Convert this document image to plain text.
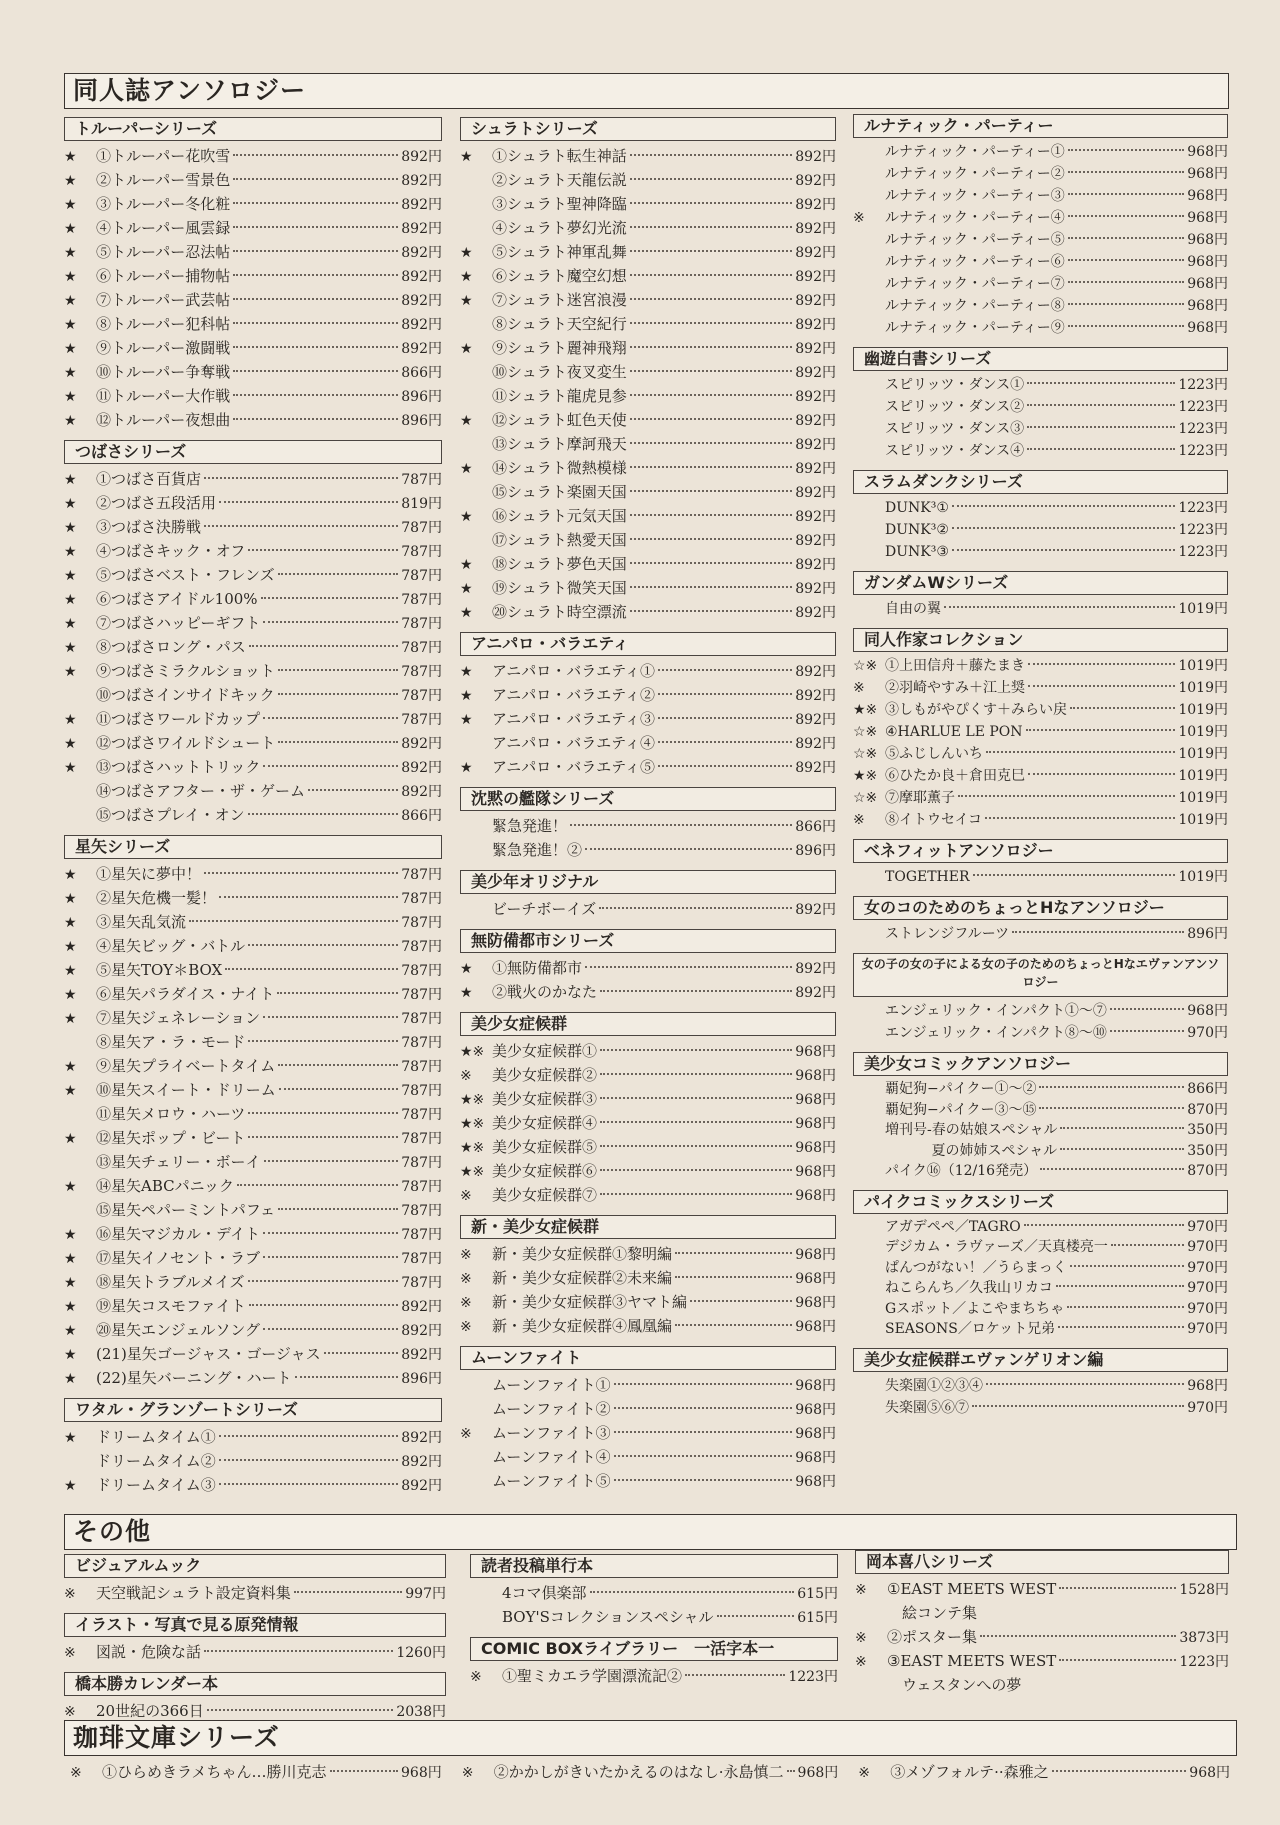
同人誌アンソロジー
トルーパーシリーズ
★	①トルーパー花吹雪	892円
★	②トルーパー雪景色	892円
★	③トルーパー冬化粧	892円
★	④トルーパー風雲録	892円
★	⑤トルーパー忍法帖	892円
★	⑥トルーパー捕物帖	892円
★	⑦トルーパー武芸帖	892円
★	⑧トルーパー犯科帖	892円
★	⑨トルーパー激闘戦	892円
★	⑩トルーパー争奪戦	866円
★	⑪トルーパー大作戦	896円
★	⑫トルーパー夜想曲	896円
つばさシリーズ
★	①つばさ百貨店	787円
★	②つばさ五段活用	819円
★	③つばさ決勝戦	787円
★	④つばさキック・オフ	787円
★	⑤つばさベスト・フレンズ	787円
★	⑥つばさアイドル100%	787円
★	⑦つばさハッピーギフト	787円
★	⑧つばさロング・パス	787円
★	⑨つばさミラクルショット	787円
⑩つばさインサイドキック	787円
★	⑪つばさワールドカップ	787円
★	⑫つばさワイルドシュート	892円
★	⑬つばさハットトリック	892円
⑭つばさアフター・ザ・ゲーム	892円
⑮つばさプレイ・オン	866円
星矢シリーズ
★	①星矢に夢中！	787円
★	②星矢危機一髪！	787円
★	③星矢乱気流	787円
★	④星矢ビッグ・バトル	787円
★	⑤星矢TOY＊BOX	787円
★	⑥星矢パラダイス・ナイト	787円
★	⑦星矢ジェネレーション	787円
⑧星矢ア・ラ・モード	787円
★	⑨星矢プライベートタイム	787円
★	⑩星矢スイート・ドリーム	787円
⑪星矢メロウ・ハーツ	787円
★	⑫星矢ポップ・ビート	787円
⑬星矢チェリー・ボーイ	787円
★	⑭星矢ABCパニック	787円
⑮星矢ペパーミントパフェ	787円
★	⑯星矢マジカル・デイト	787円
★	⑰星矢イノセント・ラブ	787円
★	⑱星矢トラブルメイズ	787円
★	⑲星矢コスモファイト	892円
★	⑳星矢エンジェルソング	892円
★	(21)星矢ゴージャス・ゴージャス	892円
★	(22)星矢バーニング・ハート	896円
ワタル・グランゾートシリーズ
★	ドリームタイム①	892円
ドリームタイム②	892円
★	ドリームタイム③	892円
シュラトシリーズ
★	①シュラト転生神話	892円
②シュラト天龍伝説	892円
③シュラト聖神降臨	892円
④シュラト夢幻光流	892円
★	⑤シュラト神軍乱舞	892円
★	⑥シュラト魔空幻想	892円
★	⑦シュラト迷宮浪漫	892円
⑧シュラト天空紀行	892円
★	⑨シュラト麗神飛翔	892円
⑩シュラト夜叉変生	892円
⑪シュラト龍虎見参	892円
★	⑫シュラト虹色天使	892円
⑬シュラト摩訶飛天	892円
★	⑭シュラト微熱模様	892円
⑮シュラト楽園天国	892円
★	⑯シュラト元気天国	892円
⑰シュラト熱愛天国	892円
★	⑱シュラト夢色天国	892円
★	⑲シュラト微笑天国	892円
★	⑳シュラト時空漂流	892円
アニパロ・バラエティ
★	アニパロ・バラエティ①	892円
★	アニパロ・バラエティ②	892円
★	アニパロ・バラエティ③	892円
アニパロ・バラエティ④	892円
★	アニパロ・バラエティ⑤	892円
沈黙の艦隊シリーズ
緊急発進！	866円
緊急発進！②	896円
美少年オリジナル
ビーチボーイズ	892円
無防備都市シリーズ
★	①無防備都市	892円
★	②戦火のかなた	892円
美少女症候群
★※ 美少女症候群①	968円
※	美少女症候群②	968円
★※ 美少女症候群③	968円
★※ 美少女症候群④	968円
★※ 美少女症候群⑤	968円
★※ 美少女症候群⑥	968円
※	美少女症候群⑦	968円
新・美少女症候群
※	新・美少女症候群①黎明編	968円
※	新・美少女症候群②未来編	968円
※	新・美少女症候群③ヤマト編	968円
※	新・美少女症候群④鳳凰編	968円
ムーンファイト
ムーンファイト①	968円
ムーンファイト②	968円
※	ムーンファイト③	968円
ムーンファイト④	968円
ムーンファイト⑤	968円
ルナティック・パーティー
ルナティック・パーティー①	968円
ルナティック・パーティー②	968円
ルナティック・パーティー③	968円
※	ルナティック・パーティー④	968円
ルナティック・パーティー⑤	968円
ルナティック・パーティー⑥	968円
ルナティック・パーティー⑦	968円
ルナティック・パーティー⑧	968円
ルナティック・パーティー⑨	968円
幽遊白書シリーズ
スピリッツ・ダンス①	1223円
スピリッツ・ダンス②	1223円
スピリッツ・ダンス③	1223円
スピリッツ・ダンス④	1223円
スラムダンクシリーズ
DUNK³①	1223円
DUNK³②	1223円
DUNK³③	1223円
ガンダムWシリーズ
自由の翼	1019円
同人作家コレクション
☆※ ①上田信舟＋藤たまき	1019円
※	②羽崎やすみ＋江上奨	1019円
★※ ③しもがやぴくす＋みらい戻	1019円
☆※ ④HARLUE LE PON	1019円
☆※ ⑤ふじしんいち	1019円
★※ ⑥ひたか良＋倉田克巳	1019円
☆※ ⑦摩耶薫子	1019円
※	⑧イトウセイコ	1019円
ベネフィットアンソロジー
TOGETHER	1019円
女のコのためのちょっとHなアンソロジー
ストレンジフルーツ	896円
女の子の女の子による女の子のためのちょっとHなエヴァンアンソロジー
エンジェリック・インパクト①〜⑦	968円
エンジェリック・インパクト⑧〜⑩	970円
美少女コミックアンソロジー
覇妃狗−パイクー①〜②	866円
覇妃狗−パイクー③〜⑮	870円
増刊号-春の姑娘スペシャル	350円
　　　 夏の姉姉スペシャル	350円
パイク⑯（12/16発売）	870円
パイクコミックスシリーズ
アガデペペ／TAGRO	970円
デジカム・ラヴァーズ／天真楼亮一	970円
ぱんつがない！／うらまっく	970円
ねこらんち／久我山リカコ	970円
Gスポット／よこやまちちゃ	970円
SEASONS／ロケット兄弟	970円
美少女症候群エヴァンゲリオン編
失楽園①②③④	968円
失楽園⑤⑥⑦	970円
その他
ビジュアルムック
※	天空戦記シュラト設定資料集	997円
イラスト・写真で見る原発情報
※	図説・危険な話	1260円
橋本勝カレンダー本
※	20世紀の366日	2038円
読者投稿単行本
4コマ倶楽部	615円
BOY'Sコレクションスペシャル	615円
COMIC BOXライブラリー　一活字本一
※	①聖ミカエラ学園漂流記②	1223円
岡本喜八シリーズ
※	①EAST MEETS WEST	1528円
　絵コンテ集
※	②ポスター集	3873円
※	③EAST MEETS WEST	1223円
　ウェスタンへの夢
珈琲文庫シリーズ
※	①ひらめきラメちゃん…勝川克志	968円 ※	②かかしがきいたかえるのはなし·永島慎二 968円 ※	③メゾフォルテ··森雅之	968円
